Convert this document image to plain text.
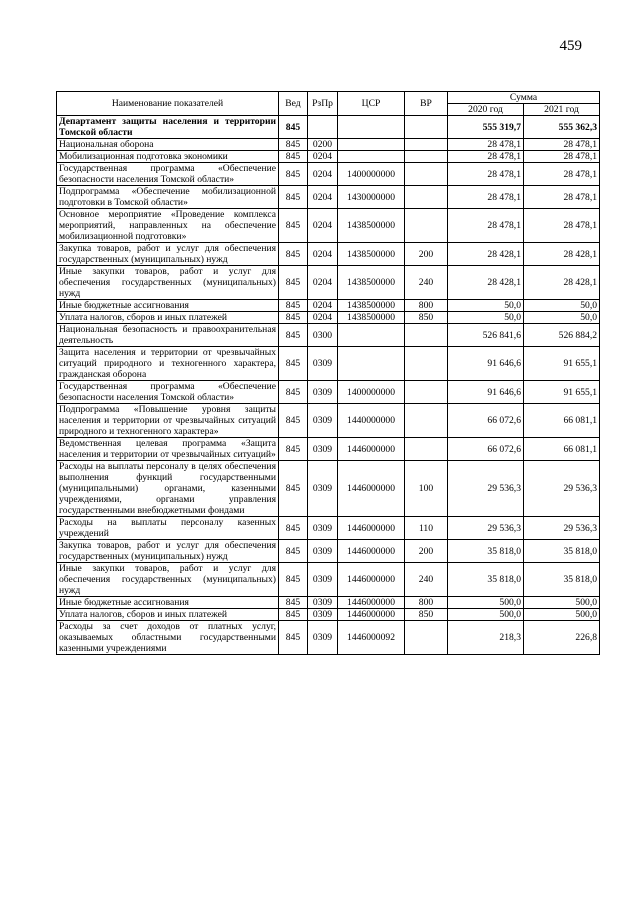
459
Наименование показателей	Вед	РзПр	ЦСР	ВР	Сумма	
					2020 год	2021 год
Департамент защиты населения и территории Томской области	845				555 319,7	555 362,3
Национальная оборона	845	0200			28 478,1	28 478,1
Мобилизационная подготовка экономики	845	0204			28 478,1	28 478,1
Государственная программа «Обеспечение безопасности населения Томской области»	845	0204	1400000000		28 478,1	28 478,1
Подпрограмма «Обеспечение мобилизационной подготовки в Томской области»	845	0204	1430000000		28 478,1	28 478,1
Основное мероприятие «Проведение комплекса мероприятий, направленных на обеспечение мобилизационной подготовки»	845	0204	1438500000		28 478,1	28 478,1
Закупка товаров, работ и услуг для обеспечения государственных (муниципальных) нужд	845	0204	1438500000	200	28 428,1	28 428,1
Иные закупки товаров, работ и услуг для обеспечения государственных (муниципальных) нужд	845	0204	1438500000	240	28 428,1	28 428,1
Иные бюджетные ассигнования	845	0204	1438500000	800	50,0	50,0
Уплата налогов, сборов и иных платежей	845	0204	1438500000	850	50,0	50,0
Национальная безопасность и правоохранительная деятельность	845	0300			526 841,6	526 884,2
Защита населения и территории от чрезвычайных ситуаций природного и техногенного характера, гражданская оборона	845	0309			91 646,6	91 655,1
Государственная программа «Обеспечение безопасности населения Томской области»	845	0309	1400000000		91 646,6	91 655,1
Подпрограмма «Повышение уровня защиты населения и территории от чрезвычайных ситуаций природного и техногенного характера»	845	0309	1440000000		66 072,6	66 081,1
Ведомственная целевая программа «Защита населения и территории от чрезвычайных ситуаций»	845	0309	1446000000		66 072,6	66 081,1
Расходы на выплаты персоналу в целях обеспечения выполнения функций государственными (муниципальными) органами, казенными учреждениями, органами управления государственными внебюджетными фондами	845	0309	1446000000	100	29 536,3	29 536,3
Расходы на выплаты персоналу казенных учреждений	845	0309	1446000000	110	29 536,3	29 536,3
Закупка товаров, работ и услуг для обеспечения государственных (муниципальных) нужд	845	0309	1446000000	200	35 818,0	35 818,0
Иные закупки товаров, работ и услуг для обеспечения государственных (муниципальных) нужд	845	0309	1446000000	240	35 818,0	35 818,0
Иные бюджетные ассигнования	845	0309	1446000000	800	500,0	500,0
Уплата налогов, сборов и иных платежей	845	0309	1446000000	850	500,0	500,0
Расходы за счет доходов от платных услуг, оказываемых областными государственными казенными учреждениями	845	0309	1446000092		218,3	226,8
